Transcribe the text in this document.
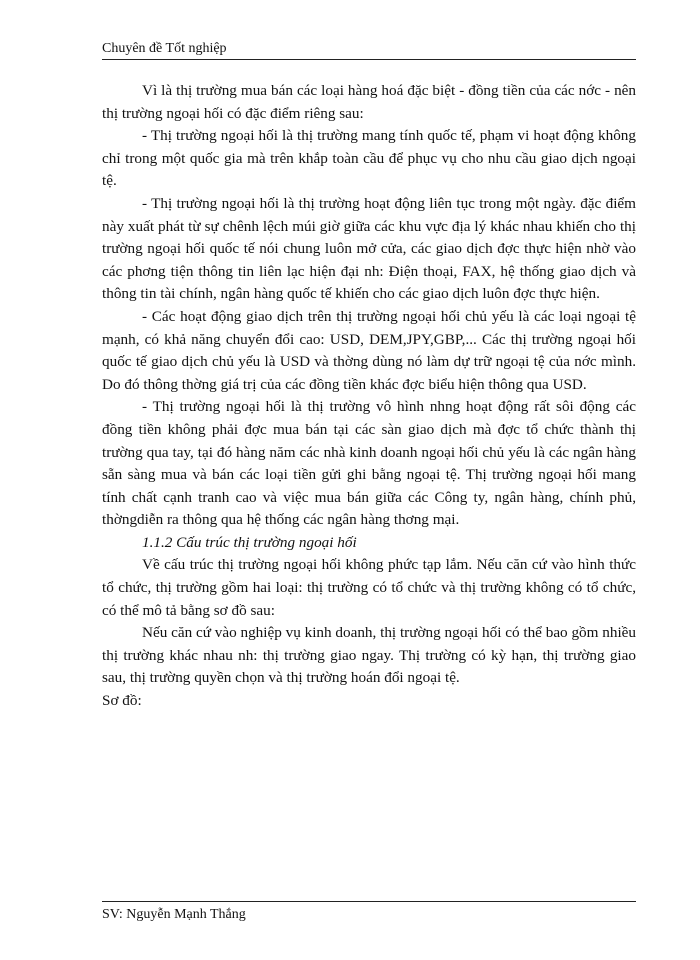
Chuyên đề Tốt nghiệp

Vì là thị trường mua bán các loại hàng hoá đặc biệt - đồng tiền của các nớc - nên thị trường ngoại hối có đặc điểm riêng sau:

- Thị trường ngoại hối là thị trường mang tính quốc tế, phạm vi hoạt động không chỉ trong một quốc gia mà trên khắp toàn cầu để phục vụ cho nhu cầu giao dịch ngoại tệ.

- Thị trường ngoại hối là thị trường hoạt động liên tục trong một ngày. đặc điểm này xuất phát từ sự chênh lệch múi giờ giữa các khu vực địa lý khác nhau khiến cho thị trường ngoại hối quốc tế nói chung luôn mở cửa, các giao dịch đợc thực hiện nhờ vào các phơng tiện thông tin liên lạc hiện đại nh: Điện thoại, FAX, hệ thống giao dịch và thông tin tài chính, ngân hàng quốc tế khiến cho các giao dịch luôn đợc thực hiện.

- Các hoạt động giao dịch trên thị trường ngoại hối chủ yếu là các loại ngoại tệ mạnh, có khả năng chuyển đổi cao: USD, DEM,JPY,GBP,... Các thị trường ngoại hối quốc tế giao dịch chủ yếu là USD và thờng dùng nó làm dự trữ ngoại tệ của nớc mình. Do đó thông thờng giá trị của các đồng tiền khác đợc biểu hiện thông qua USD.

- Thị trường ngoại hối là thị trường vô hình nhng hoạt động rất sôi động các đồng tiền không phải đợc mua bán tại các sàn giao dịch mà đợc tổ chức thành thị trường qua tay, tại đó hàng năm các nhà kinh doanh ngoại hối chủ yếu là các ngân hàng sẵn sàng mua và bán các loại tiền gửi ghi bằng ngoại tệ. Thị trường ngoại hối mang tính chất cạnh tranh cao và việc mua bán giữa các Công ty, ngân hàng, chính phủ, thờngdiễn ra thông qua hệ thống các ngân hàng thơng mại.

1.1.2 Cấu trúc thị trường ngoại hối

Về cấu trúc thị trường ngoại hối không phức tạp lắm. Nếu căn cứ vào hình thức tổ chức, thị trường gồm hai loại: thị trường có tổ chức và thị trường không có tổ chức, có thể mô tả bằng sơ đồ sau:

Nếu căn cứ vào nghiệp vụ kinh doanh, thị trường ngoại hối có thể bao gồm nhiều thị trường khác nhau nh: thị trường giao ngay. Thị trường có kỳ hạn, thị trường giao sau, thị trường quyền chọn và thị trường hoán đổi ngoại tệ.

Sơ đồ:

SV: Nguyễn Mạnh Thắng
